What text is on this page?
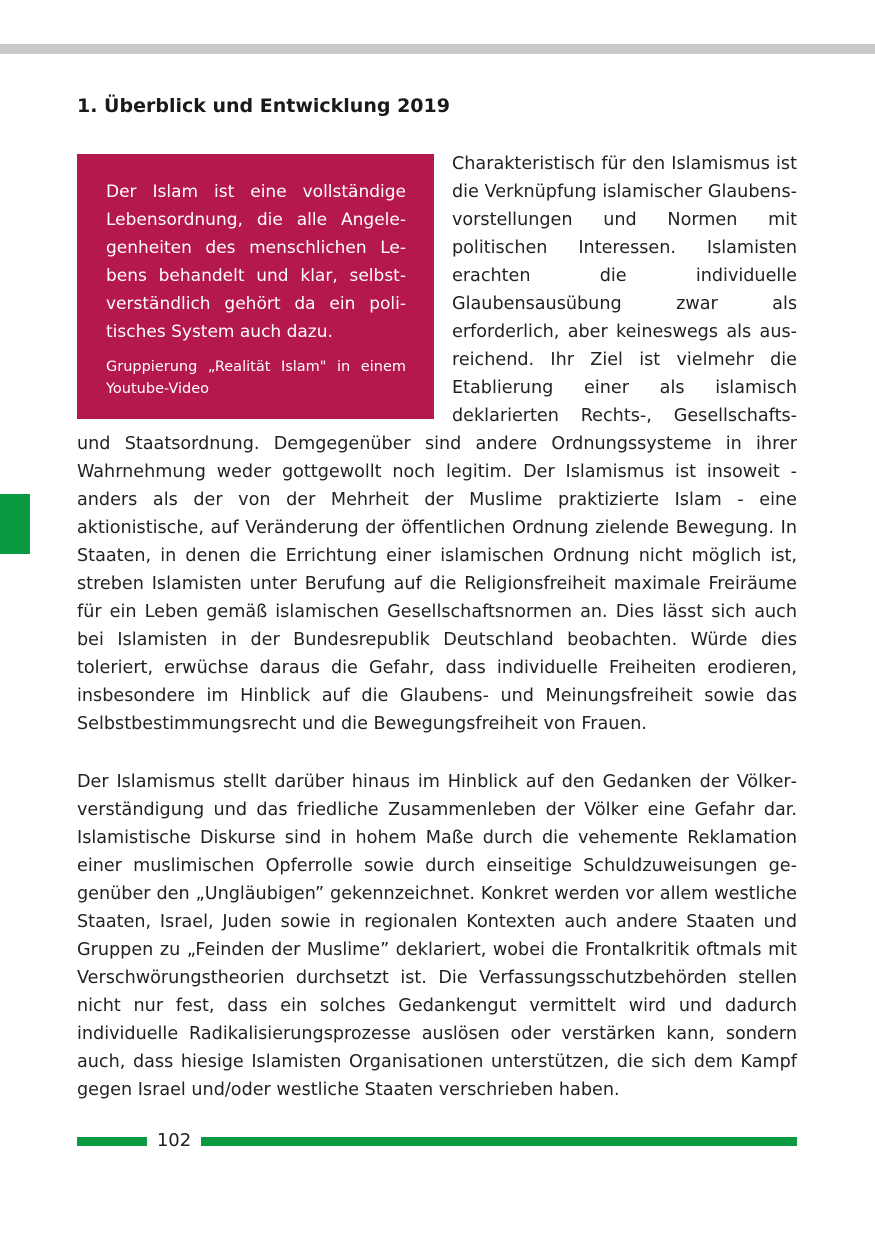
1. Überblick und Entwicklung 2019

Der Islam ist eine vollständige Lebensordnung, die alle Angelegenheiten des menschlichen Lebens behandelt und klar, selbstverständlich gehört da ein politisches System auch dazu.

Gruppierung „Realität Islam" in einem Youtube-Video

Charakteristisch für den Islamismus ist die Verknüpfung islamischer Glaubensvorstellungen und Normen mit politischen Interessen. Islamisten erachten die individuelle Glaubensausübung zwar als erforderlich, aber keineswegs als ausreichend. Ihr Ziel ist vielmehr die Etablierung einer als islamisch deklarierten Rechts-, Gesellschafts- und Staatsordnung. Demgegenüber sind andere Ordnungssysteme in ihrer Wahrnehmung weder gottgewollt noch legitim. Der Islamismus ist insoweit - anders als der von der Mehrheit der Muslime praktizierte Islam - eine aktionistische, auf Veränderung der öffentlichen Ordnung zielende Bewegung. In Staaten, in denen die Errichtung einer islamischen Ordnung nicht möglich ist, streben Islamisten unter Berufung auf die Religionsfreiheit maximale Freiräume für ein Leben gemäß islamischen Gesellschaftsnormen an. Dies lässt sich auch bei Islamisten in der Bundesrepublik Deutschland beobachten. Würde dies toleriert, erwüchse daraus die Gefahr, dass individuelle Freiheiten erodieren, insbesondere im Hinblick auf die Glaubens- und Meinungsfreiheit sowie das Selbstbestimmungsrecht und die Bewegungsfreiheit von Frauen.

Der Islamismus stellt darüber hinaus im Hinblick auf den Gedanken der Völkerverständigung und das friedliche Zusammenleben der Völker eine Gefahr dar. Islamistische Diskurse sind in hohem Maße durch die vehemente Reklamation einer muslimischen Opferrolle sowie durch einseitige Schuldzuweisungen gegenüber den „Ungläubigen” gekennzeichnet. Konkret werden vor allem westliche Staaten, Israel, Juden sowie in regionalen Kontexten auch andere Staaten und Gruppen zu „Feinden der Muslime” deklariert, wobei die Frontalkritik oftmals mit Verschwörungstheorien durchsetzt ist. Die Verfassungsschutzbehörden stellen nicht nur fest, dass ein solches Gedankengut vermittelt wird und dadurch individuelle Radikalisierungsprozesse auslösen oder verstärken kann, sondern auch, dass hiesige Islamisten Organisationen unterstützen, die sich dem Kampf gegen Israel und/oder westliche Staaten verschrieben haben.

102
